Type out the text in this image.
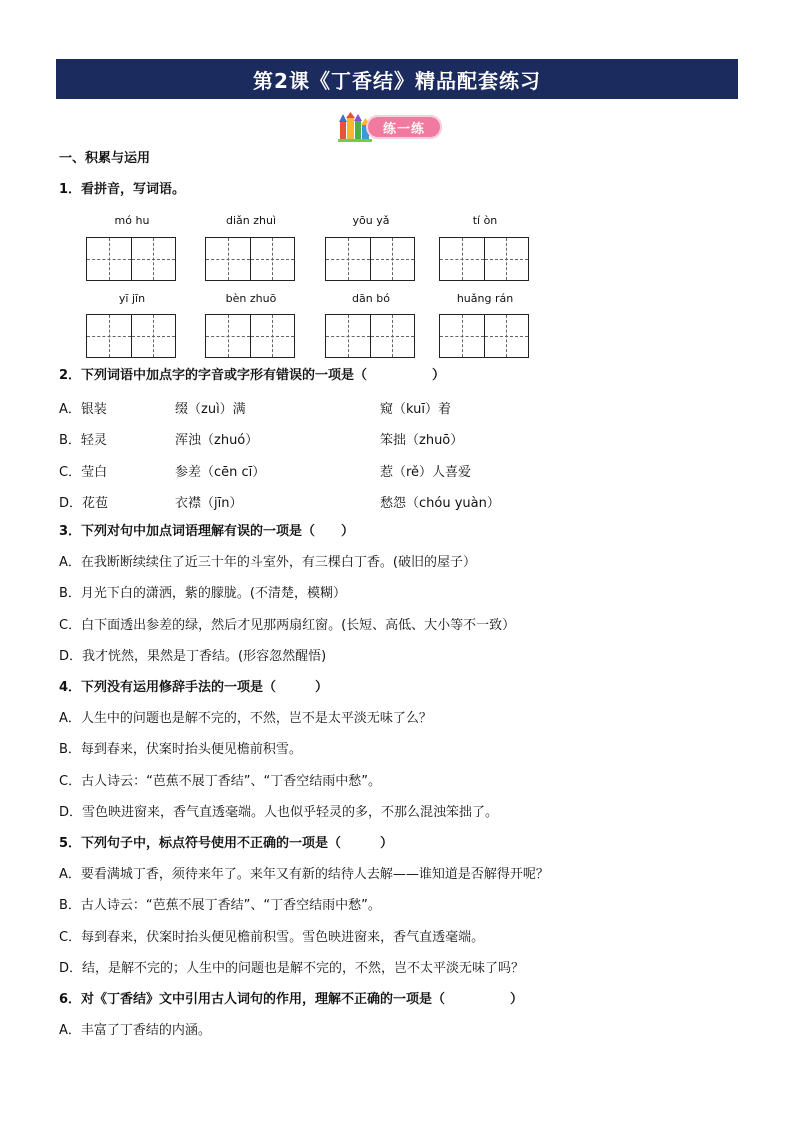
第2课《丁香结》精品配套练习
练一练
一、积累与运用
1．看拼音，写词语。
mó hu	diǎn zhuì	yōu yǎ	tí òn
yī jīn	bèn zhuō	dān bó	huǎng rán
2．下列词语中加点字的字音或字形有错误的一项是（　　　　　）
A．银装	缀（zuì）满	窥（kuī）着
B．轻灵	浑浊（zhuó）	笨拙（zhuō）
C．莹白	参差（cēn cī）	惹（rě）人喜爱
D．花苞	衣襟（jīn）	愁怨（chóu yuàn）
3．下列对句中加点词语理解有误的一项是（　　）
A．在我断断续续住了近三十年的斗室外，有三棵白丁香。(破旧的屋子）
B．月光下白的潇洒，紫的朦胧。(不清楚，模糊）
C．白下面透出参差的绿，然后才见那两扇红窗。(长短、高低、大小等不一致）
D．我才恍然，果然是丁香结。(形容忽然醒悟)
4．下列没有运用修辞手法的一项是（　　　）
A．人生中的问题也是解不完的，不然，岂不是太平淡无味了么？
B．每到春来，伏案时抬头便见檐前积雪。
C．古人诗云：“芭蕉不展丁香结”、“丁香空结雨中愁”。
D．雪色映进窗来，香气直透毫端。人也似乎轻灵的多，不那么混浊笨拙了。
5．下列句子中，标点符号使用不正确的一项是（　　　）
A．要看满城丁香，须待来年了。来年又有新的结待人去解——谁知道是否解得开呢？
B．古人诗云：“芭蕉不展丁香结”、“丁香空结雨中愁”。
C．每到春来，伏案时抬头便见檐前积雪。雪色映进窗来，香气直透毫端。
D．结，是解不完的；人生中的问题也是解不完的，不然，岂不太平淡无味了吗？
6．对《丁香结》文中引用古人词句的作用，理解不正确的一项是（　　　　　）
A．丰富了丁香结的内涵。
